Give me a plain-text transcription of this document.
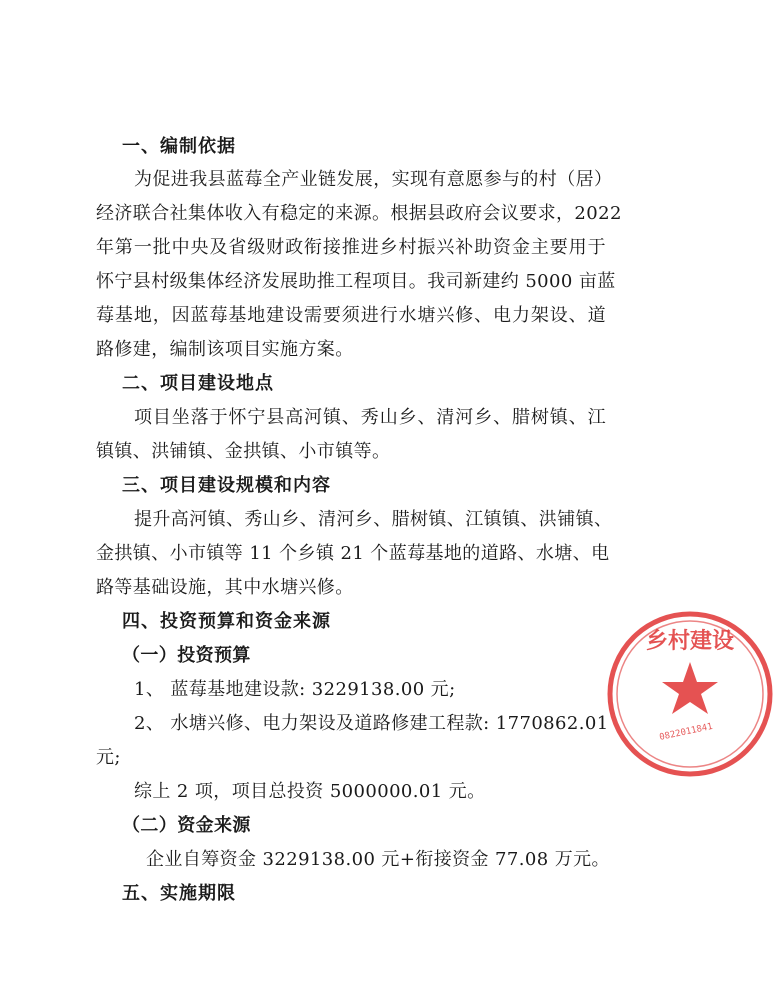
一、编制依据
为促进我县蓝莓全产业链发展，实现有意愿参与的村（居）
经济联合社集体收入有稳定的来源。根据县政府会议要求，2022
年第一批中央及省级财政衔接推进乡村振兴补助资金主要用于
怀宁县村级集体经济发展助推工程项目。我司新建约 5000 亩蓝
莓基地，因蓝莓基地建设需要须进行水塘兴修、电力架设、道
路修建，编制该项目实施方案。
二、项目建设地点
项目坐落于怀宁县高河镇、秀山乡、清河乡、腊树镇、江
镇镇、洪铺镇、金拱镇、小市镇等。
三、项目建设规模和内容
提升高河镇、秀山乡、清河乡、腊树镇、江镇镇、洪铺镇、
金拱镇、小市镇等 11 个乡镇 21 个蓝莓基地的道路、水塘、电
路等基础设施，其中水塘兴修。
四、投资预算和资金来源
（一）投资预算
1、 蓝莓基地建设款: 3229138.00 元;
2、 水塘兴修、电力架设及道路修建工程款: 1770862.01
元;
综上 2 项，项目总投资 5000000.01 元。
（二）资金来源
企业自筹资金 3229138.00 元+衔接资金 77.08 万元。
五、实施期限
乡村建设
0822011841
